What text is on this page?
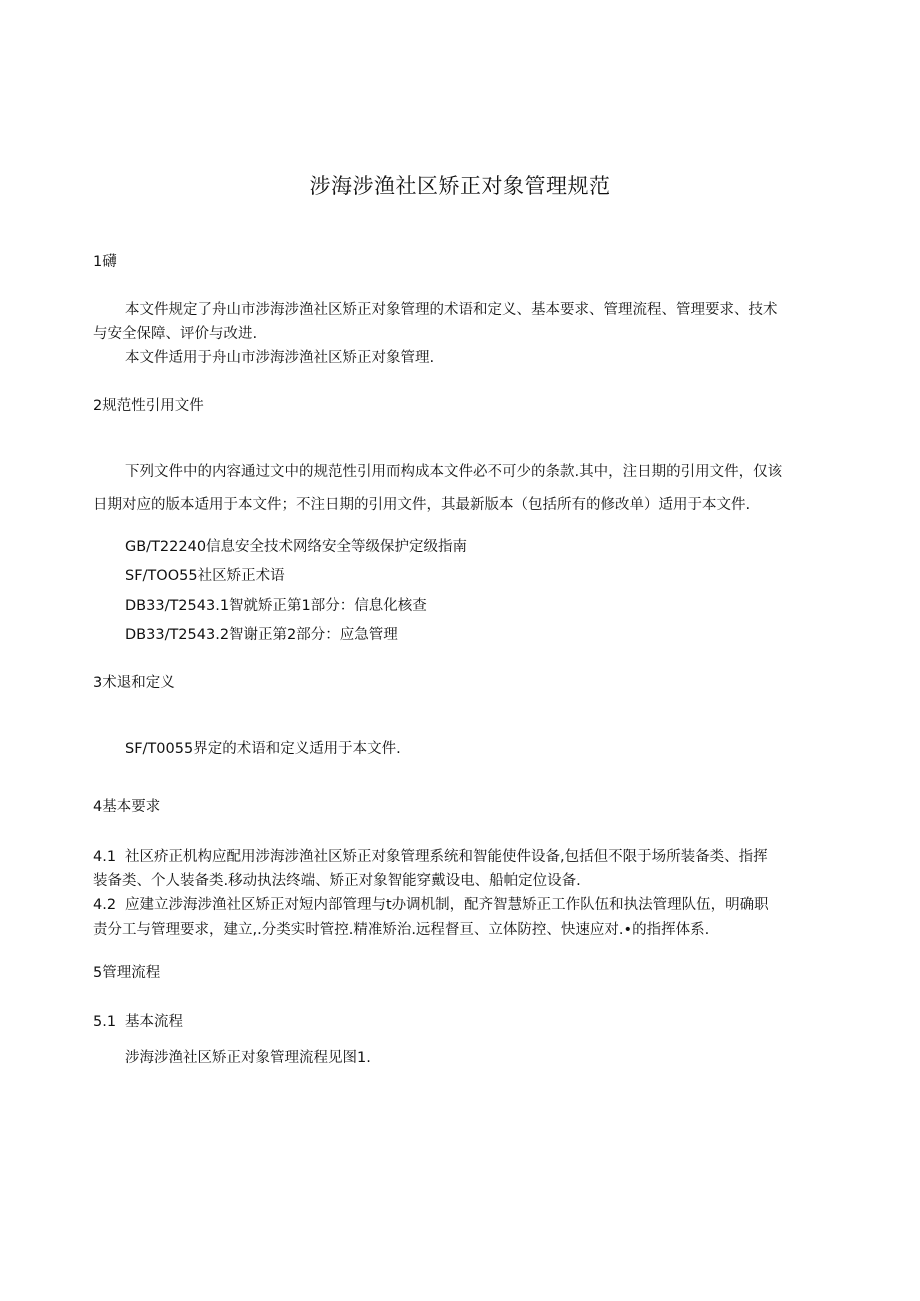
涉海涉渔社区矫正对象管理规范
1礴
本文件规定了舟山市涉海涉渔社区矫正对象管理的术语和定义、基本要求、管理流程、管理要求、技术
与安全保障、评价与改进.
本文件适用于舟山市涉海涉渔社区矫正对象管理.
2规范性引用文件
下列文件中的内容通过文中的规范性引用而构成本文件必不可少的条款.其中，注日期的引用文件，仅该
日期对应的版本适用于本文件；不注日期的引用文件，其最新版本（包括所有的修改单）适用于本文件.
GB/T22240信息安全技术网络安全等级保护定级指南
SF/TOO55社区矫正术语
DB33/T2543.1智就矫正第1部分：信息化核查
DB33/T2543.2智谢正第2部分：应急管理
3术退和定义
SF/T0055界定的术语和定义适用于本文件.
4基本要求
4.1 社区疥正机构应配用涉海涉渔社区矫正对象管理系统和智能使件设备,包括但不限于场所装备类、指挥
装备类、个人装备类.移动执法终端、矫正对象智能穿戴设电、船帕定位设备.
4.2 应建立涉海涉渔社区矫正对短内部管理与t办调机制，配齐智慧矫正工作队伍和执法管理队伍，明确职
责分工与管理要求，建立,.分类实时管控.精准矫治.远程督亘、立体防控、快速应对.•的指挥体系.
5管理流程
5.1 基本流程
涉海涉渔社区矫正对象管理流程见图1.
